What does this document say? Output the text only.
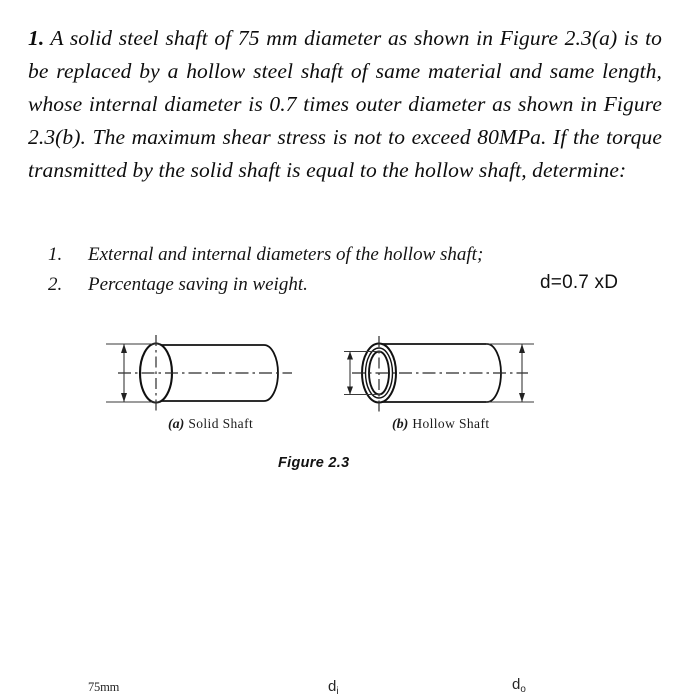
1. A solid steel shaft of 75 mm diameter as shown in Figure 2.3(a) is to be replaced by a hollow steel shaft of same material and same length, whose internal diameter is 0.7 times outer diameter as shown in Figure 2.3(b). The maximum shear stress is not to exceed 80MPa. If the torque transmitted by the solid shaft is equal to the hollow shaft, determine:

1.	External and internal diameters of the hollow shaft;
2.	Percentage saving in weight.	d=0.7 xD
75mm	$d_i$	$d_o$
(a) Solid Shaft	(b) Hollow Shaft
Figure 2.3
